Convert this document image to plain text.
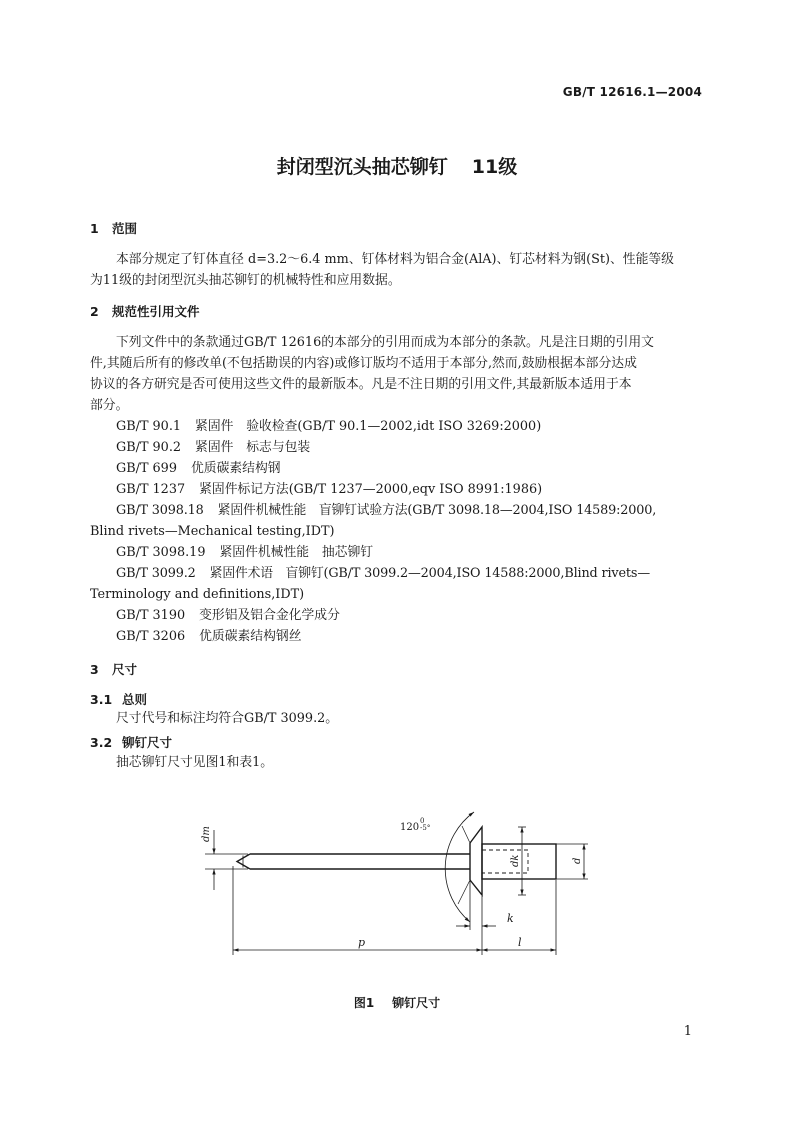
GB/T 12616.1—2004
封闭型沉头抽芯铆钉 11级
1 范围
本部分规定了钉体直径 d=3.2～6.4 mm、钉体材料为铝合金(AlA)、钉芯材料为钢(St)、性能等级
为11级的封闭型沉头抽芯铆钉的机械特性和应用数据。
2 规范性引用文件
下列文件中的条款通过GB/T 12616的本部分的引用而成为本部分的条款。凡是注日期的引用文
件,其随后所有的修改单(不包括勘误的内容)或修订版均不适用于本部分,然而,鼓励根据本部分达成
协议的各方研究是否可使用这些文件的最新版本。凡是不注日期的引用文件,其最新版本适用于本
部分。
GB/T 90.1 紧固件　验收检查(GB/T 90.1—2002,idt ISO 3269:2000)
GB/T 90.2 紧固件　标志与包装
GB/T 699 优质碳素结构钢
GB/T 1237 紧固件标记方法(GB/T 1237—2000,eqv ISO 8991:1986)
GB/T 3098.18 紧固件机械性能　盲铆钉试验方法(GB/T 3098.18—2004,ISO 14589:2000,
Blind rivets—Mechanical testing,IDT)
GB/T 3098.19 紧固件机械性能　抽芯铆钉
GB/T 3099.2 紧固件术语　盲铆钉(GB/T 3099.2—2004,ISO 14588:2000,Blind rivets—
Terminology and definitions,IDT)
GB/T 3190 变形铝及铝合金化学成分
GB/T 3206 优质碳素结构钢丝
3 尺寸
3.1 总则
尺寸代号和标注均符合GB/T 3099.2。
3.2 铆钉尺寸
抽芯铆钉尺寸见图1和表1。
120
0
-5°
dm
dk	d
k
p	l
图1 铆钉尺寸
1
